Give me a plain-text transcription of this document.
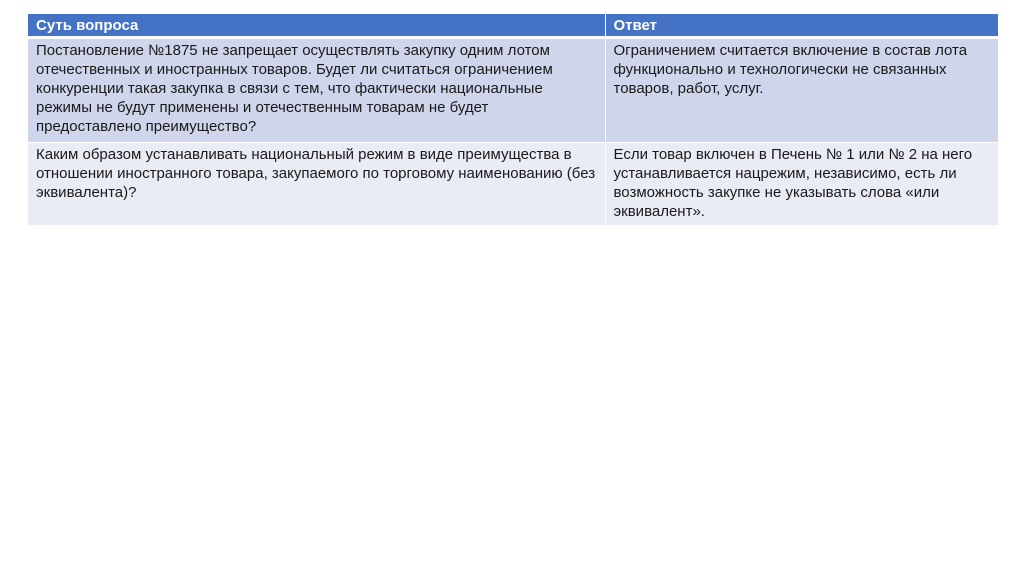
Суть вопроса	Ответ
Постановление №1875 не запрещает осуществлять закупку одним лотом отечественных и иностранных товаров. Будет ли считаться ограничением конкуренции такая закупка в связи с тем, что фактически национальные режимы не будут применены и отечественным товарам не будет предоставлено преимущество?	Ограничением считается включение в состав лота функционально и технологически не связанных товаров, работ, услуг.
Каким образом устанавливать национальный режим в виде преимущества в отношении иностранного товара, закупаемого по торговому наименованию (без эквивалента)?	Если товар включен в Печень № 1 или № 2 на него устанавливается нацрежим, независимо, есть ли возможность закупке не указывать слова «или эквивалент».
